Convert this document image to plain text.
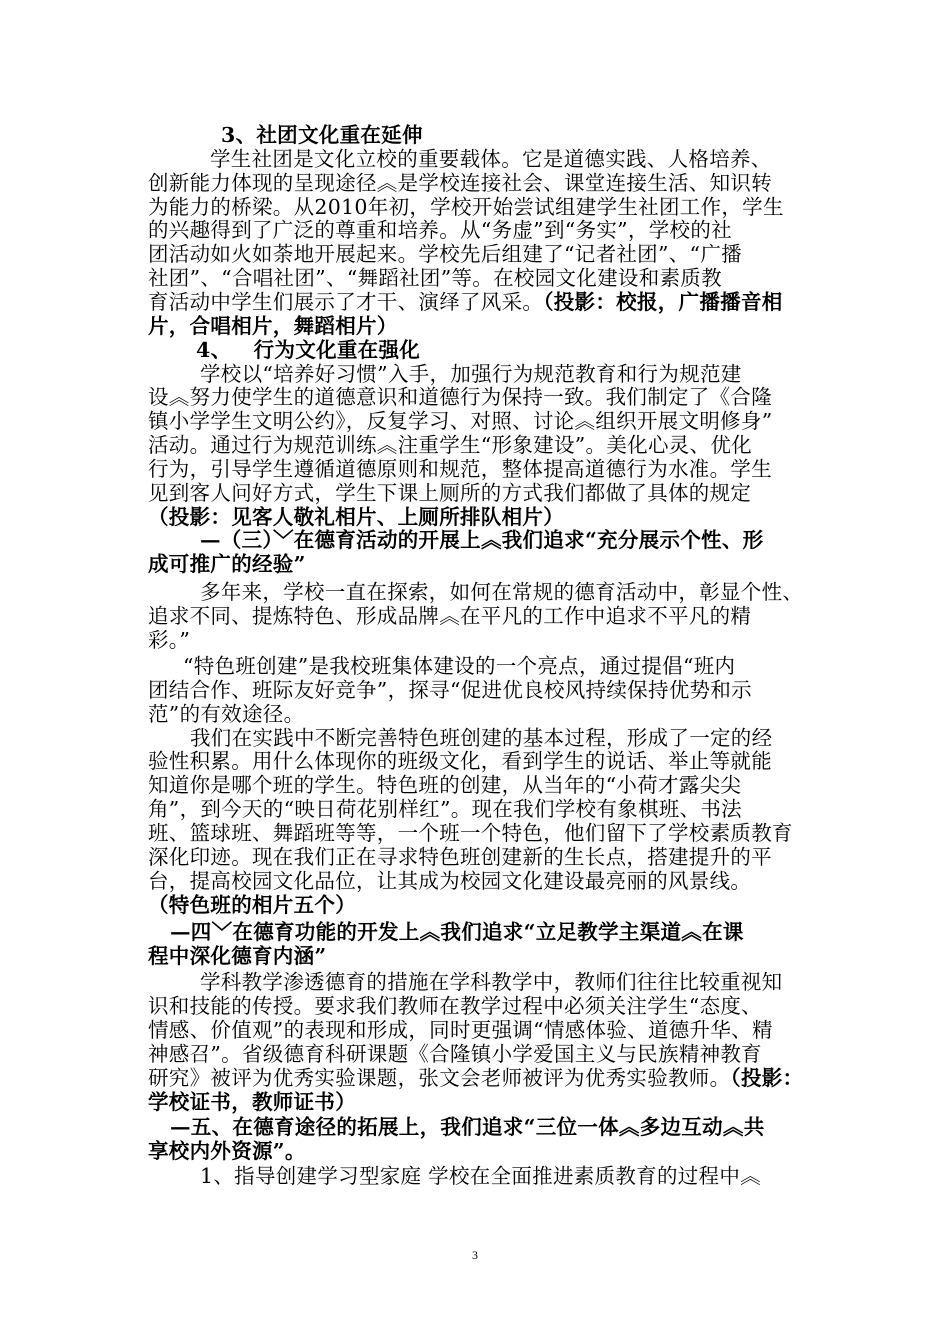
3、社团文化重在延伸
学生社团是文化立校的重要载体。它是道德实践、人格培养、
创新能力体现的呈现途径︽是学校连接社会、课堂连接生活、知识转
为能力的桥梁。从2010年初，学校开始尝试组建学生社团工作，学生
的兴趣得到了广泛的尊重和培养。从“务虚”到“务实”，学校的社
团活动如火如荼地开展起来。学校先后组建了“记者社团”、“广播
社团”、“合唱社团”、“舞蹈社团”等。在校园文化建设和素质教
育活动中学生们展示了才干、演绎了风采。（投影：校报，广播播音相
片，合唱相片，舞蹈相片）
4、   行为文化重在强化
学校以“培养好习惯”入手，加强行为规范教育和行为规范建
设︽努力使学生的道德意识和道德行为保持一致。我们制定了《合隆
镇小学学生文明公约》，反复学习、对照、讨论︽组织开展文明修身”
活动。通过行为规范训练︽注重学生“形象建设”。美化心灵、优化
行为，引导学生遵循道德原则和规范，整体提高道德行为水准。学生
见到客人问好方式，学生下课上厕所的方式我们都做了具体的规定
（投影：见客人敬礼相片、上厕所排队相片）
—（三）﹀在德育活动的开展上︽我们追求“充分展示个性、形
成可推广的经验”
多年来，学校一直在探索，如何在常规的德育活动中，彰显个性、
追求不同、提炼特色、形成品牌︽在平凡的工作中追求不平凡的精
彩。”
“特色班创建”是我校班集体建设的一个亮点，通过提倡“班内
团结合作、班际友好竞争”，探寻“促进优良校风持续保持优势和示
范”的有效途径。
我们在实践中不断完善特色班创建的基本过程，形成了一定的经
验性积累。用什么体现你的班级文化，看到学生的说话、举止等就能
知道你是哪个班的学生。特色班的创建，从当年的“小荷才露尖尖
角”，到今天的“映日荷花别样红”。现在我们学校有象棋班、书法
班、篮球班、舞蹈班等等，一个班一个特色，他们留下了学校素质教育
深化印迹。现在我们正在寻求特色班创建新的生长点，搭建提升的平
台，提高校园文化品位，让其成为校园文化建设最亮丽的风景线。
（特色班的相片五个）
—四﹀在德育功能的开发上︽我们追求“立足教学主渠道︽在课
程中深化德育内涵”
学科教学渗透德育的措施在学科教学中，教师们往往比较重视知
识和技能的传授。要求我们教师在教学过程中必须关注学生“态度、
情感、价值观”的表现和形成，同时更强调“情感体验、道德升华、精
神感召”。省级德育科研课题《合隆镇小学爱国主义与民族精神教育
研究》被评为优秀实验课题，张文会老师被评为优秀实验教师。（投影：
学校证书，教师证书）
—五、在德育途径的拓展上，我们追求“三位一体︽多边互动︽共
享校内外资源”。
1、指导创建学习型家庭 学校在全面推进素质教育的过程中︽
3
